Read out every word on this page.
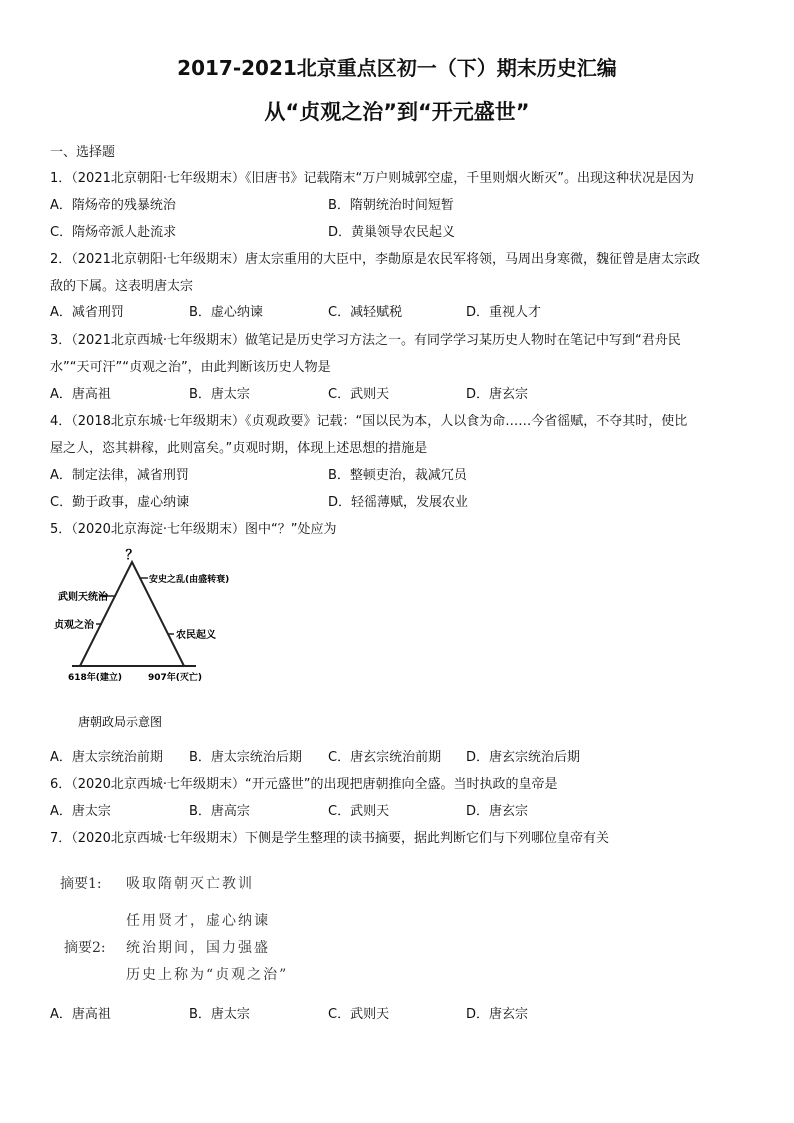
2017-2021北京重点区初一（下）期末历史汇编
从“贞观之治”到“开元盛世”
一、选择题
1．（2021北京朝阳·七年级期末）《旧唐书》记载隋末“万户则城郭空虚，千里则烟火断灭”。出现这种状况是因为
A．隋炀帝的残暴统治	B．隋朝统治时间短暂
C．隋炀帝派人赴流求	D．黄巢领导农民起义
2．（2021北京朝阳·七年级期末）唐太宗重用的大臣中，李勣原是农民军将领，马周出身寒微，魏征曾是唐太宗政
敌的下属。这表明唐太宗
A．减省刑罚	B．虚心纳谏	C．减轻赋税	D．重视人才
3．（2021北京西城·七年级期末）做笔记是历史学习方法之一。有同学学习某历史人物时在笔记中写到“君舟民
水”“天可汗”“贞观之治”，由此判断该历史人物是
A．唐高祖	B．唐太宗	C．武则天	D．唐玄宗
4．（2018北京东城·七年级期末）《贞观政要》记载：“国以民为本，人以食为命……今省徭赋，不夺其时，使比
屋之人，恣其耕稼，此则富矣。”贞观时期，体现上述思想的措施是
A．制定法律，减省刑罚	B．整顿吏治，裁减冗员
C．勤于政事，虚心纳谏	D．轻徭薄赋，发展农业
5．（2020北京海淀·七年级期末）图中“？”处应为
？
武则天统治
贞观之治
安史之乱(由盛转衰)
农民起义
618年(建立)	907年(灭亡)
唐朝政局示意图
A．唐太宗统治前期 B．唐太宗统治后期 C．唐玄宗统治前期 D．唐玄宗统治后期
6．（2020北京西城·七年级期末）“开元盛世”的出现把唐朝推向全盛。当时执政的皇帝是
A．唐太宗	B．唐高宗	C．武则天	D．唐玄宗
7．（2020北京西城·七年级期末）下侧是学生整理的读书摘要，据此判断它们与下列哪位皇帝有关
摘要1: 吸取隋朝灭亡教训
摘要2:
任用贤才，虚心纳谏
统治期间，国力强盛
历史上称为“贞观之治”
A．唐高祖	B．唐太宗	C．武则天	D．唐玄宗
